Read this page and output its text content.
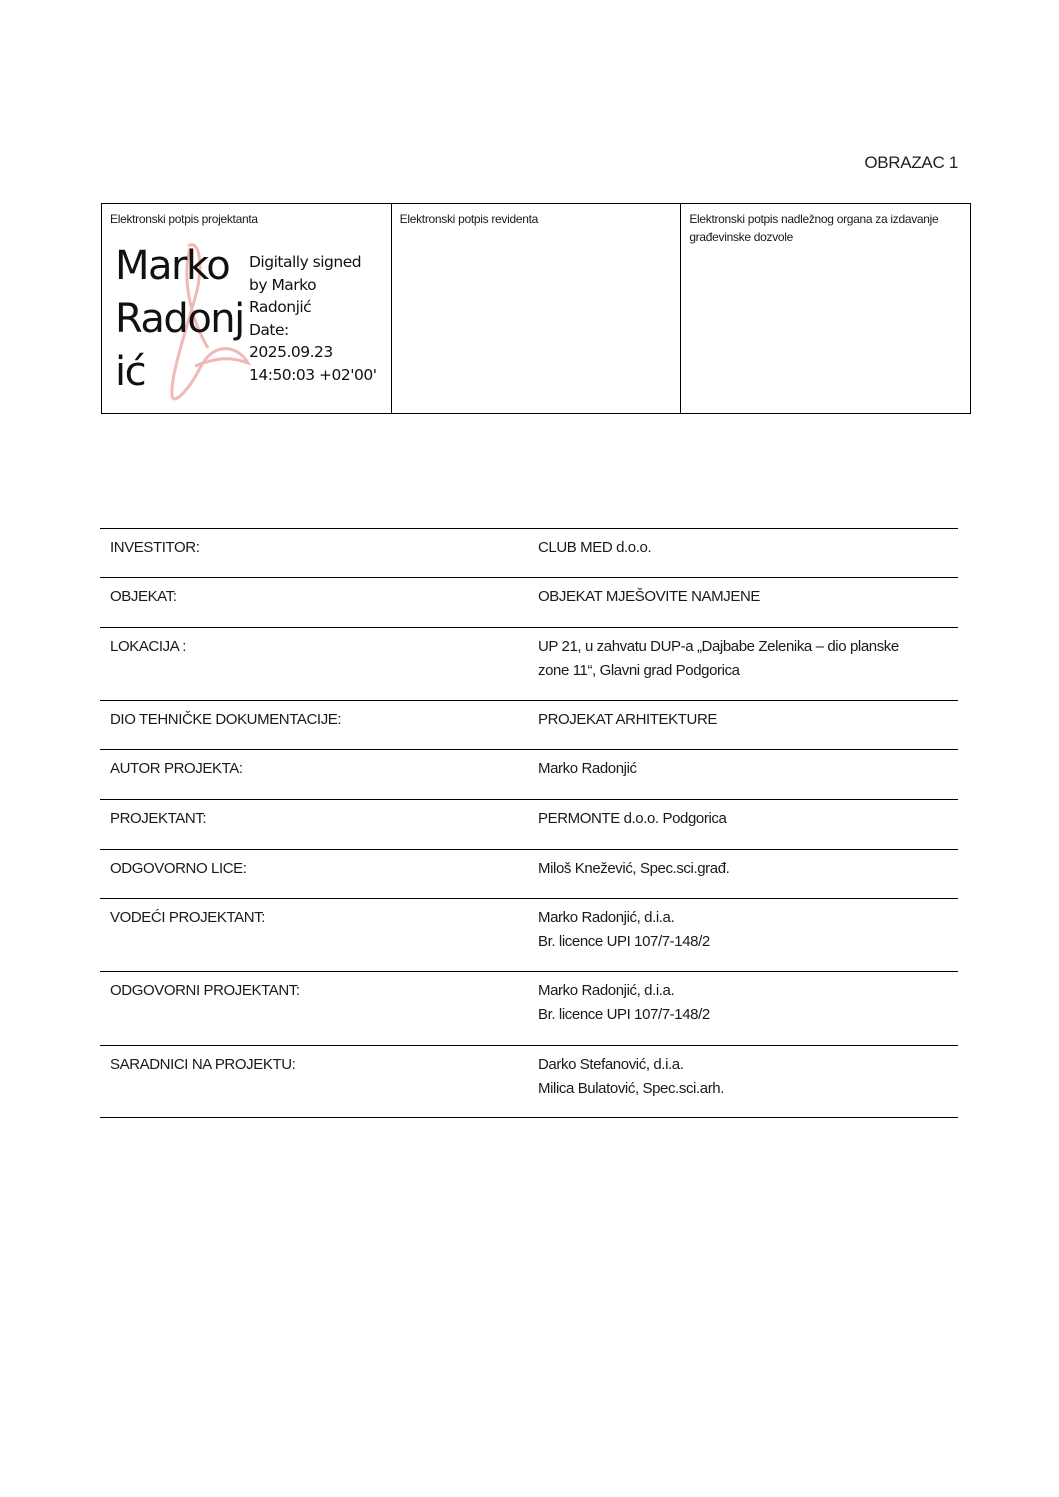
OBRAZAC 1
Elektronski potpis projektanta
Marko Radonjić
Digitally signed
by Marko
Radonjić
Date:
2025.09.23
14:50:03 +02'00'
	Elektronski potpis revidenta	Elektronski potpis nadležnog organa za izdavanje građevinske dozvole
INVESTITOR:	CLUB MED d.o.o.

OBJEKAT:	OBJEKAT MJEŠOVITE NAMJENE

LOKACIJA :	UP 21, u zahvatu DUP-a „Dajbabe Zelenika – dio planske
zone 11“, Glavni grad Podgorica

DIO TEHNIČKE DOKUMENTACIJE:	PROJEKAT ARHITEKTURE

AUTOR PROJEKTA:	Marko Radonjić

PROJEKTANT:	PERMONTE d.o.o. Podgorica

ODGOVORNO LICE:	Miloš Knežević, Spec.sci.građ.

VODEĆI PROJEKTANT:	Marko Radonjić, d.i.a.
Br. licence UPI 107/7-148/2

ODGOVORNI PROJEKTANT:	Marko Radonjić, d.i.a.
Br. licence UPI 107/7-148/2

SARADNICI NA PROJEKTU:	Darko Stefanović, d.i.a.
Milica Bulatović, Spec.sci.arh.
